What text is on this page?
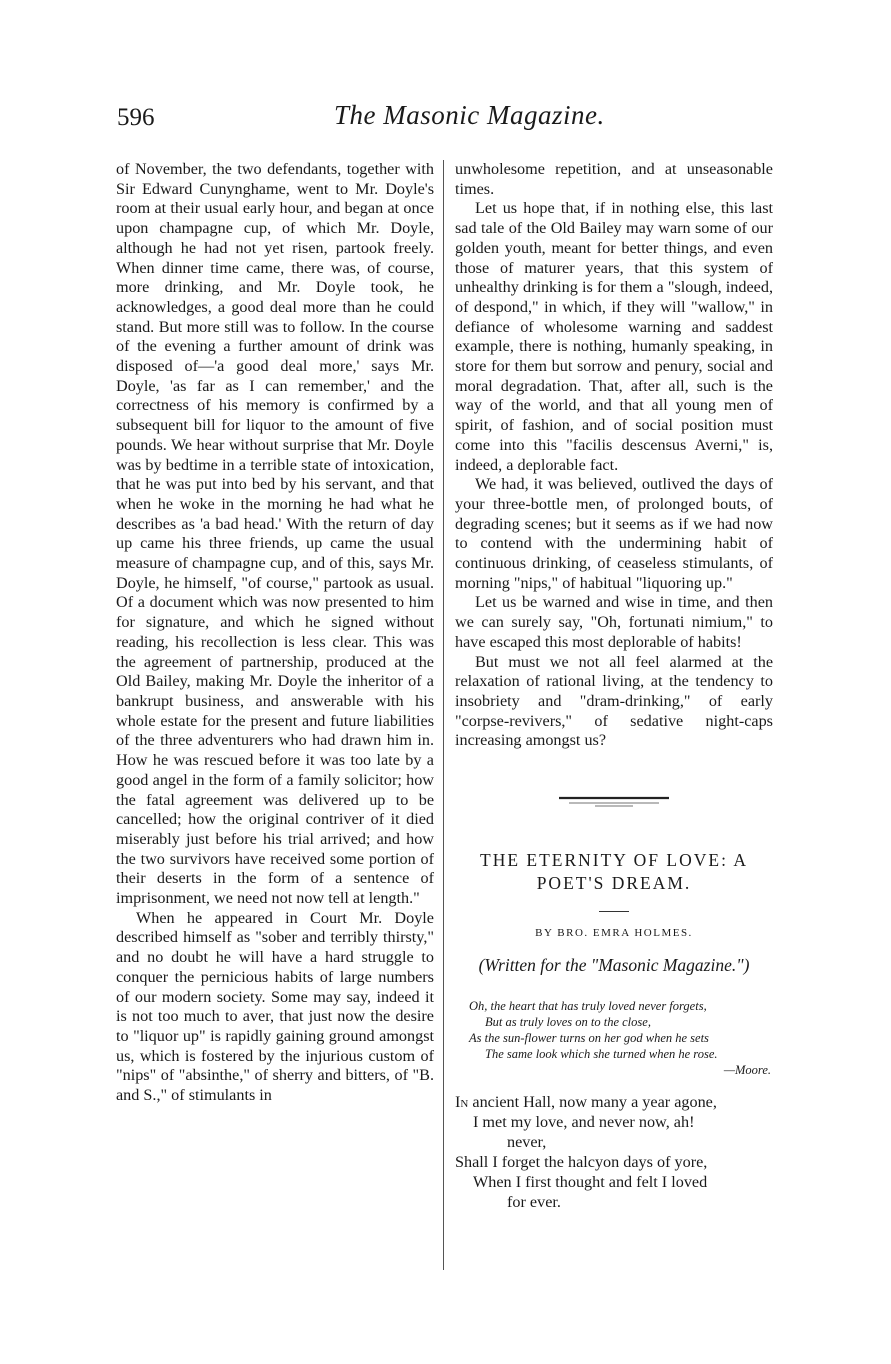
596	The Masonic Magazine.

of November, the two defendants, together with Sir Edward Cunynghame, went to Mr. Doyle's room at their usual early hour, and began at once upon champagne cup, of which Mr. Doyle, although he had not yet risen, partook freely. When dinner time came, there was, of course, more drinking, and Mr. Doyle took, he acknowledges, a good deal more than he could stand. But more still was to follow. In the course of the evening a further amount of drink was disposed of—'a good deal more,' says Mr. Doyle, 'as far as I can remember,' and the correctness of his memory is confirmed by a subsequent bill for liquor to the amount of five pounds. We hear without surprise that Mr. Doyle was by bedtime in a terrible state of intoxication, that he was put into bed by his servant, and that when he woke in the morning he had what he describes as 'a bad head.' With the return of day up came his three friends, up came the usual measure of champagne cup, and of this, says Mr. Doyle, he himself, "of course," partook as usual. Of a document which was now presented to him for signature, and which he signed without reading, his recollection is less clear. This was the agreement of partnership, produced at the Old Bailey, making Mr. Doyle the inheritor of a bankrupt business, and answerable with his whole estate for the present and future liabilities of the three adventurers who had drawn him in. How he was rescued before it was too late by a good angel in the form of a family solicitor; how the fatal agreement was delivered up to be cancelled; how the original contriver of it died miserably just before his trial arrived; and how the two survivors have received some portion of their deserts in the form of a sentence of imprisonment, we need not now tell at length."

When he appeared in Court Mr. Doyle described himself as "sober and terribly thirsty," and no doubt he will have a hard struggle to conquer the pernicious habits of large numbers of our modern society. Some may say, indeed it is not too much to aver, that just now the desire to "liquor up" is rapidly gaining ground amongst us, which is fostered by the injurious custom of "nips" of "absinthe," of sherry and bitters, of "B. and S.," of stimulants in

unwholesome repetition, and at unseasonable times.

Let us hope that, if in nothing else, this last sad tale of the Old Bailey may warn some of our golden youth, meant for better things, and even those of maturer years, that this system of unhealthy drinking is for them a "slough, indeed, of despond," in which, if they will "wallow," in defiance of wholesome warning and saddest example, there is nothing, humanly speaking, in store for them but sorrow and penury, social and moral degradation. That, after all, such is the way of the world, and that all young men of spirit, of fashion, and of social position must come into this "facilis descensus Averni," is, indeed, a deplorable fact.

We had, it was believed, outlived the days of your three-bottle men, of prolonged bouts, of degrading scenes; but it seems as if we had now to contend with the undermining habit of continuous drinking, of ceaseless stimulants, of morning "nips," of habitual "liquoring up."

Let us be warned and wise in time, and then we can surely say, "Oh, fortunati nimium," to have escaped this most deplorable of habits!

But must we not all feel alarmed at the relaxation of rational living, at the tendency to insobriety and "dram-drinking," of early "corpse-revivers," of sedative night-caps increasing amongst us?

THE ETERNITY OF LOVE: A
POET'S DREAM.
BY BRO. EMRA HOLMES.
(Written for the "Masonic Magazine.")
Oh, the heart that has truly loved never forgets,
But as truly loves on to the close,
As the sun-flower turns on her god when he sets
The same look which she turned when he rose.
—Moore.
In ancient Hall, now many a year agone,
I met my love, and never now, ah!
never,
Shall I forget the halcyon days of yore,
When I first thought and felt I loved
for ever.
